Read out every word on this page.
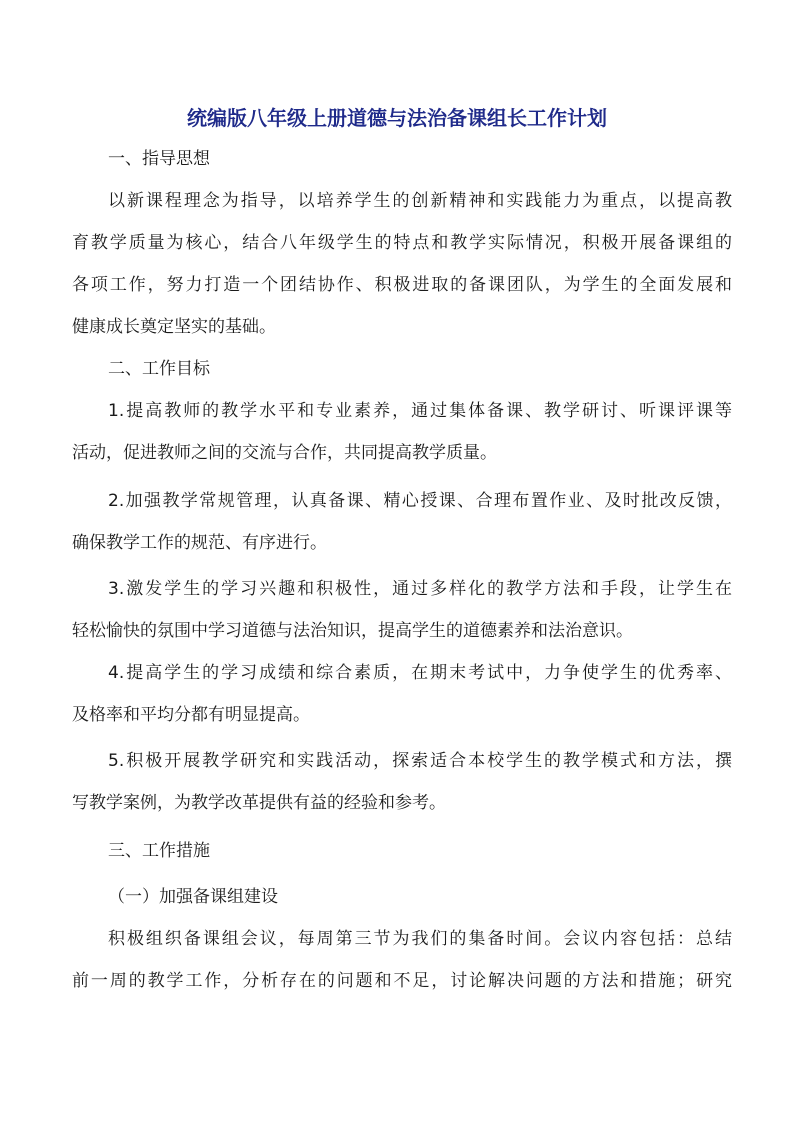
统编版八年级上册道德与法治备课组长工作计划
一、指导思想
以新课程理念为指导，以培养学生的创新精神和实践能力为重点，以提高教
育教学质量为核心，结合八年级学生的特点和教学实际情况，积极开展备课组的
各项工作，努力打造一个团结协作、积极进取的备课团队，为学生的全面发展和
健康成长奠定坚实的基础。
二、工作目标
1.提高教师的教学水平和专业素养，通过集体备课、教学研讨、听课评课等
活动，促进教师之间的交流与合作，共同提高教学质量。
2.加强教学常规管理，认真备课、精心授课、合理布置作业、及时批改反馈，
确保教学工作的规范、有序进行。
3.激发学生的学习兴趣和积极性，通过多样化的教学方法和手段，让学生在
轻松愉快的氛围中学习道德与法治知识，提高学生的道德素养和法治意识。
4.提高学生的学习成绩和综合素质，在期末考试中，力争使学生的优秀率、
及格率和平均分都有明显提高。
5.积极开展教学研究和实践活动，探索适合本校学生的教学模式和方法，撰
写教学案例，为教学改革提供有益的经验和参考。
三、工作措施
（一）加强备课组建设
积极组织备课组会议，每周第三节为我们的集备时间。会议内容包括：总结
前一周的教学工作，分析存在的问题和不足，讨论解决问题的方法和措施；研究
